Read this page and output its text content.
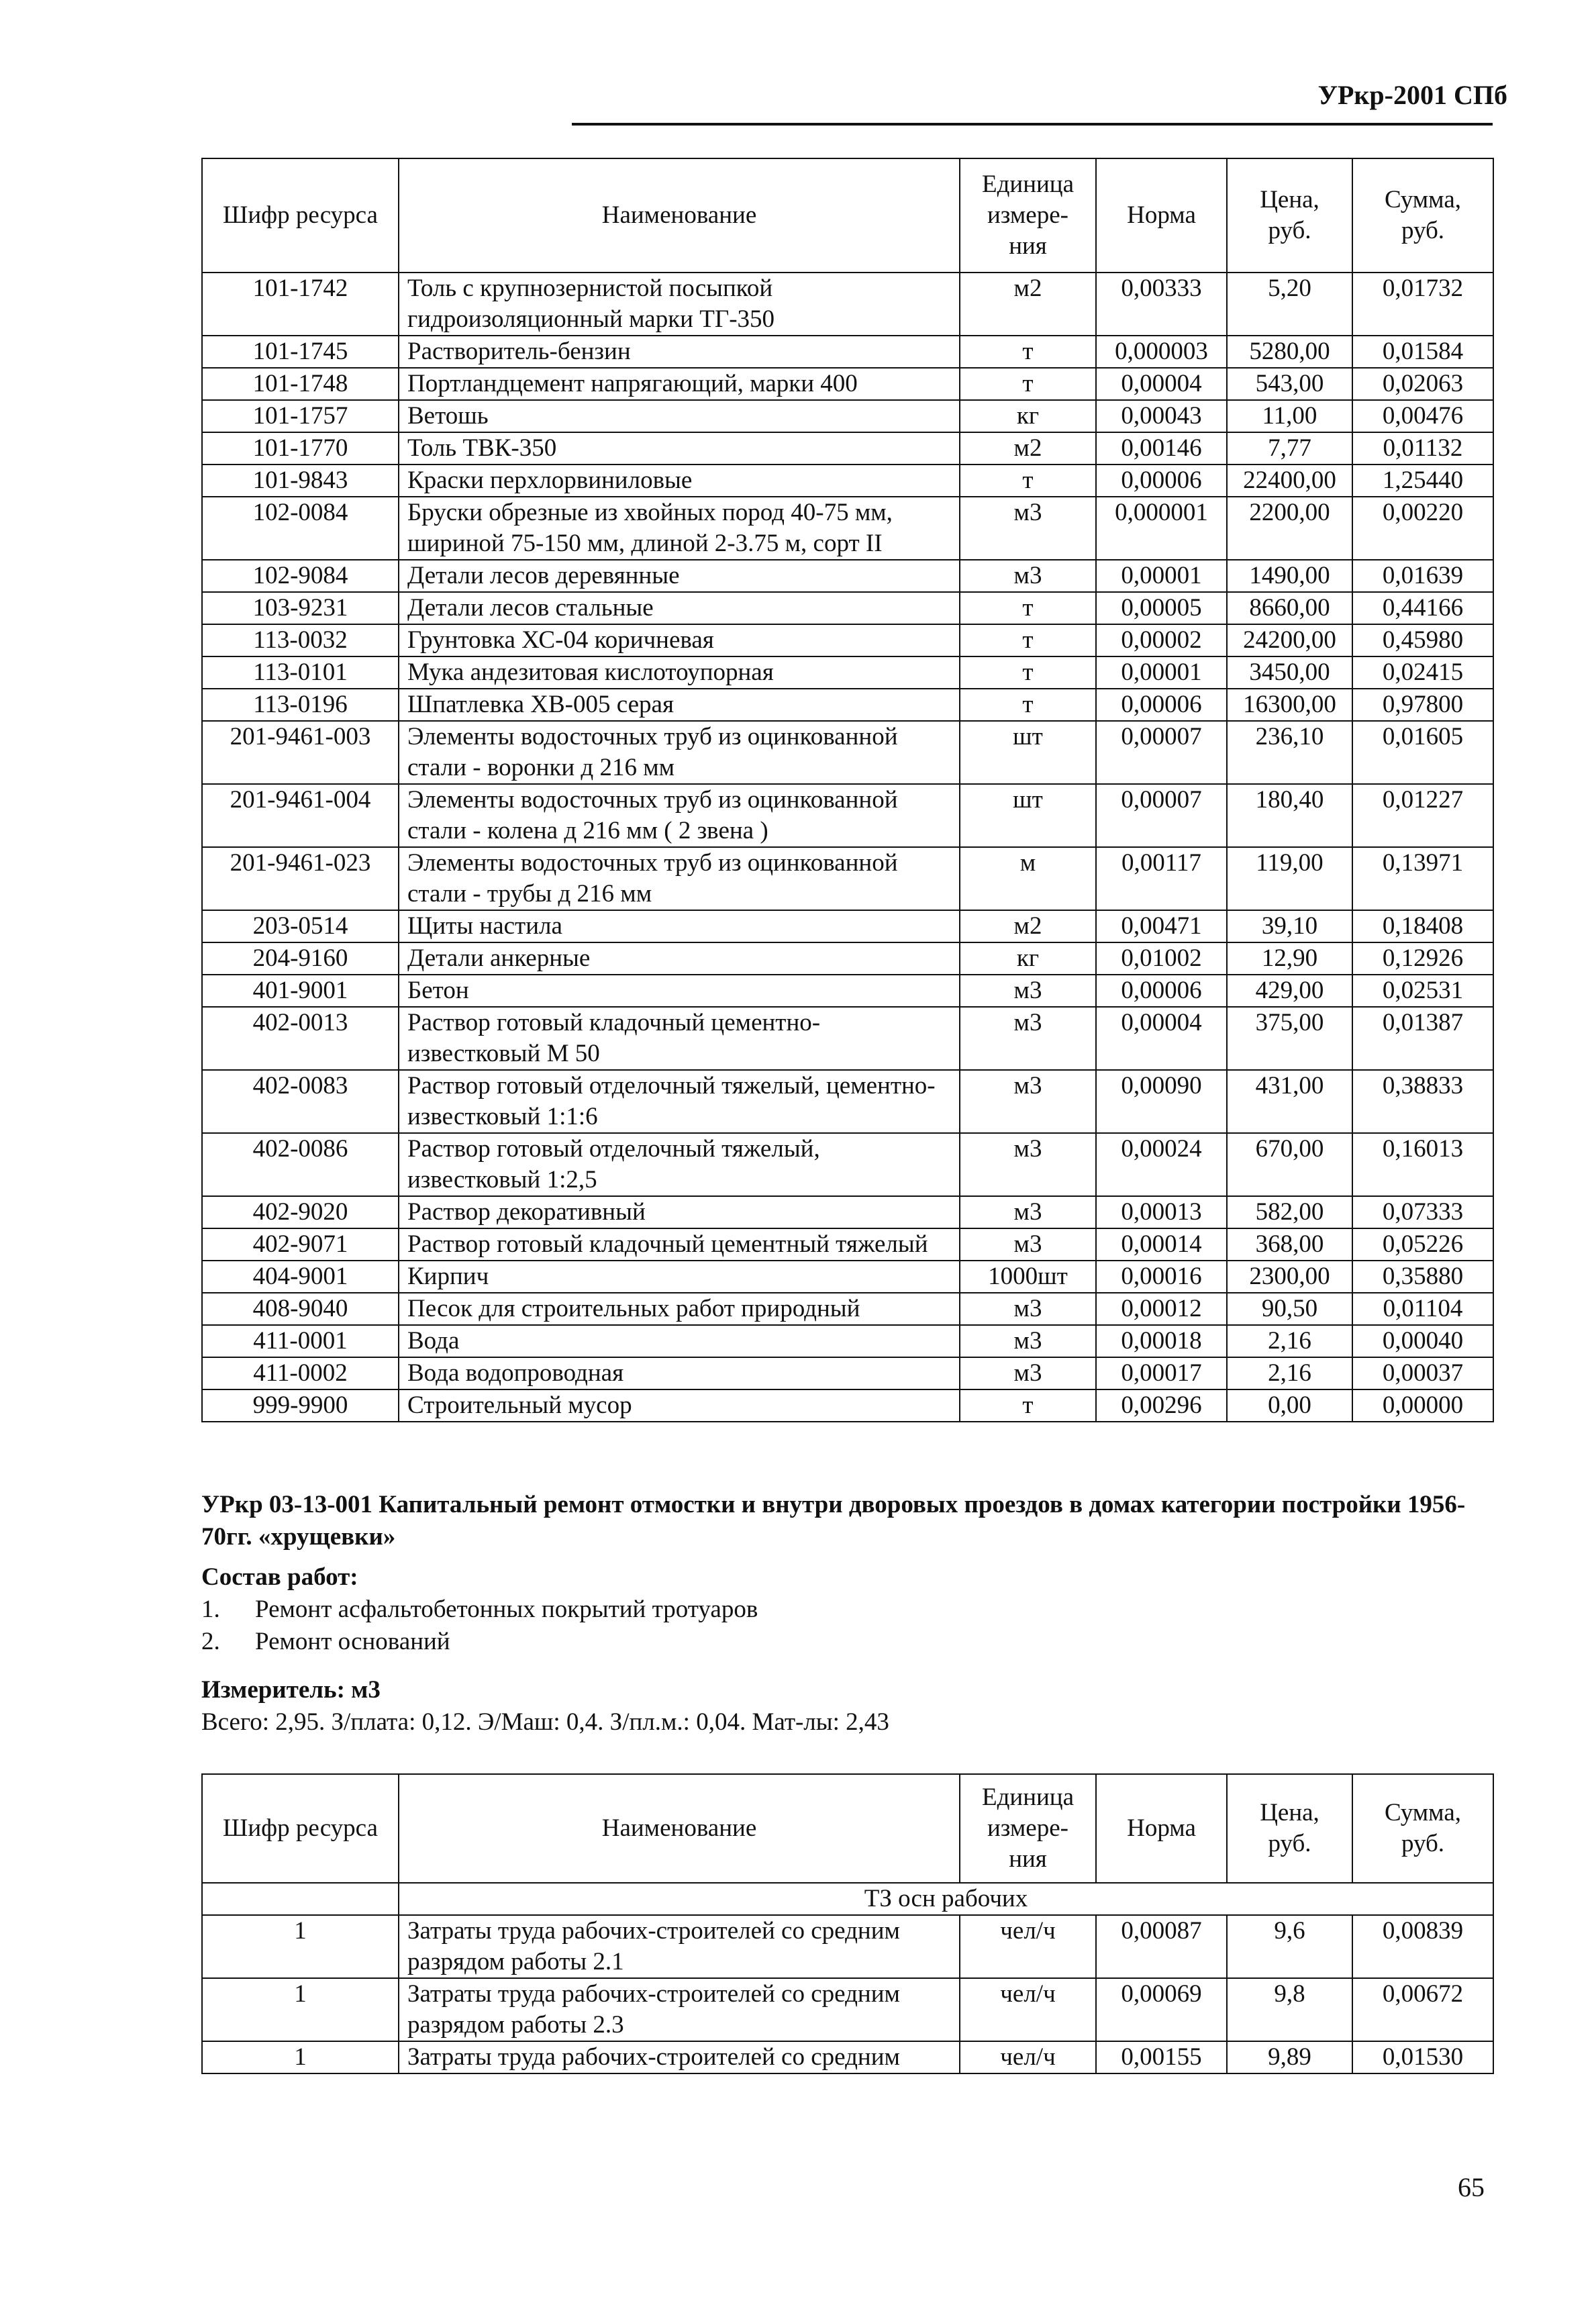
УРкр-2001 СПб
Шифр ресурса	Наименование	Единица измере-ния	Норма	Цена, руб.	Сумма, руб.
101-1742	Толь с крупнозернистой посыпкой гидроизоляционный марки ТГ-350	м2	0,00333	5,20	0,01732
101-1745	Растворитель-бензин	т	0,000003	5280,00	0,01584
101-1748	Портландцемент напрягающий, марки 400	т	0,00004	543,00	0,02063
101-1757	Ветошь	кг	0,00043	11,00	0,00476
101-1770	Толь ТВК-350	м2	0,00146	7,77	0,01132
101-9843	Краски перхлорвиниловые	т	0,00006	22400,00	1,25440
102-0084	Бруски обрезные из хвойных пород 40-75 мм, шириной 75-150 мм, длиной 2-3.75 м, сорт II	м3	0,000001	2200,00	0,00220
102-9084	Детали лесов деревянные	м3	0,00001	1490,00	0,01639
103-9231	Детали лесов стальные	т	0,00005	8660,00	0,44166
113-0032	Грунтовка ХС-04 коричневая	т	0,00002	24200,00	0,45980
113-0101	Мука андезитовая кислотоупорная	т	0,00001	3450,00	0,02415
113-0196	Шпатлевка ХВ-005 серая	т	0,00006	16300,00	0,97800
201-9461-003	Элементы водосточных труб из оцинкованной стали - воронки д 216 мм	шт	0,00007	236,10	0,01605
201-9461-004	Элементы водосточных труб из оцинкованной стали - колена д 216 мм ( 2 звена )	шт	0,00007	180,40	0,01227
201-9461-023	Элементы водосточных труб из оцинкованной стали - трубы д 216 мм	м	0,00117	119,00	0,13971
203-0514	Щиты настила	м2	0,00471	39,10	0,18408
204-9160	Детали анкерные	кг	0,01002	12,90	0,12926
401-9001	Бетон	м3	0,00006	429,00	0,02531
402-0013	Раствор готовый кладочный цементно-известковый М 50	м3	0,00004	375,00	0,01387
402-0083	Раствор готовый отделочный тяжелый, цементно-известковый 1:1:6	м3	0,00090	431,00	0,38833
402-0086	Раствор готовый отделочный тяжелый, известковый 1:2,5	м3	0,00024	670,00	0,16013
402-9020	Раствор декоративный	м3	0,00013	582,00	0,07333
402-9071	Раствор готовый кладочный цементный тяжелый	м3	0,00014	368,00	0,05226
404-9001	Кирпич	1000шт	0,00016	2300,00	0,35880
408-9040	Песок для строительных работ природный	м3	0,00012	90,50	0,01104
411-0001	Вода	м3	0,00018	2,16	0,00040
411-0002	Вода водопроводная	м3	0,00017	2,16	0,00037
999-9900	Строительный мусор	т	0,00296	0,00	0,00000
УРкр 03-13-001 Капитальный ремонт отмостки и внутри дворовых проездов в домах категории постройки 1956-70гг. «хрущевки»
Состав работ:
1.	Ремонт асфальтобетонных покрытий тротуаров
2.	Ремонт оснований
Измеритель: м3
Всего: 2,95. З/плата: 0,12. Э/Маш: 0,4. З/пл.м.: 0,04. Мат-лы: 2,43
Шифр ресурса	Наименование	Единица измере-ния	Норма	Цена, руб.	Сумма, руб.
	ТЗ осн рабочих				
1	Затраты труда рабочих-строителей со средним разрядом работы 2.1	чел/ч	0,00087	9,6	0,00839
1	Затраты труда рабочих-строителей со средним разрядом работы 2.3	чел/ч	0,00069	9,8	0,00672
1	Затраты труда рабочих-строителей со средним	чел/ч	0,00155	9,89	0,01530
65
